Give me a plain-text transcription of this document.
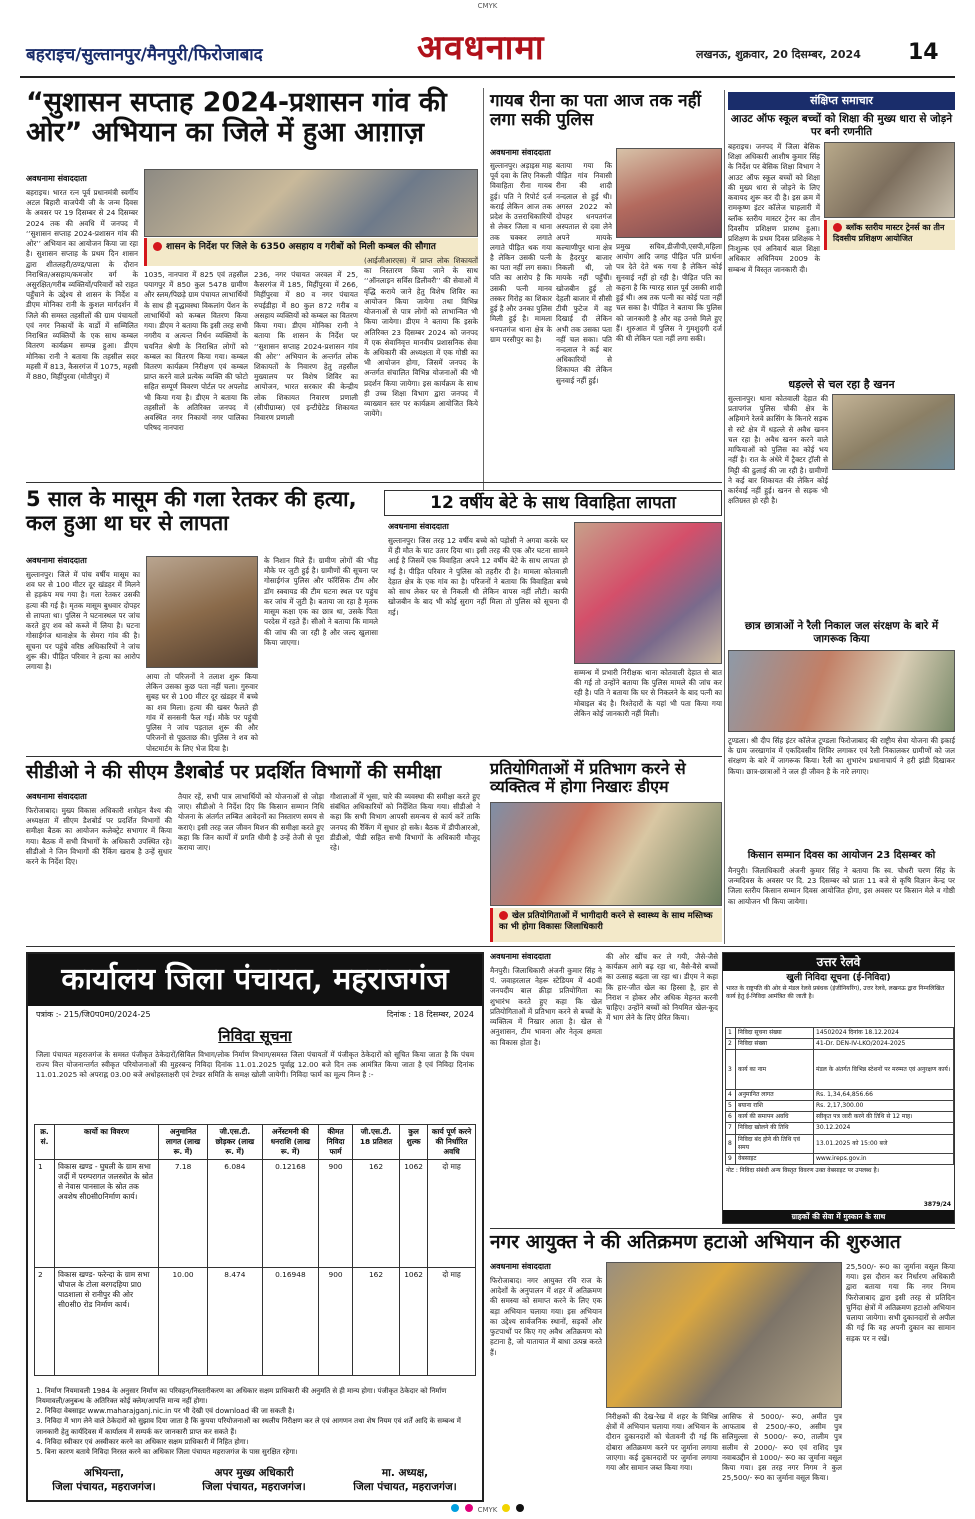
CMYK
बहराइच/सुल्तानपुर/मैनपुरी/फिरोजाबाद	अवधनामा	लखनऊ, शुक्रवार, 20 दिसम्बर, 2024 14
“सुशासन सप्ताह 2024-प्रशासन गांव की ओर” अभियान का जिले में हुआ आग़ाज़
अवधनामा संवाददाता
शासन के निर्देश पर जिले के 6350 असहाय व गरीबों को मिली कम्बल की सौगात
बहराइच। भारत रत्न पूर्व प्रधानमंत्री स्वर्गीय अटल बिहारी वाजपेयी जी के जन्म दिवस के अवसर पर 19 दिसम्बर से 24 दिसम्बर 2024 तक की अवधि में जनपद में ‘‘सुशासन सप्ताह 2024-प्रशासन गांव की ओर’’ अभियान का आयोजन किया जा रहा है। सुशासन सप्ताह के प्रथम दिन शासन द्वारा शीतलहरी/ठण्ड/पाला के दौरान निराश्रित/असहाय/कमजोर वर्ग के असुरक्षित/गरीब व्यक्तियों/परिवारों को राहत पहुँचाने के उद्देश्य से शासन के निर्देश व डीएम मोनिका रानी के कुशल मार्गदर्शन में जिले की समस्त तहसीलों की ग्राम पंचायतों एवं नगर निकायों के वार्डो में सम्मिलित निराश्रित व्यक्तियों के एक साथ कम्बल वितरण कार्यक्रम सम्पन्न हुआ। डीएम मोनिका रानी ने बताया कि तहसील सदर महसी में 813, कैसरगंज में 1075, महसी में 880, मिहींपुरवा (मोतीपुर) में
1035, नानपारा में 825 एवं तहसील पयागपुर में 850 कुल 5478 ग्रामीण और स्लम/पिछड़े ग्राम पंचायत लाभार्थियों के साथ ही वृद्धावस्था विकलांग पेंशन के लाभार्थियों को कम्बल वितरण किया गया। डीएम ने बताया कि इसी तरह सभी नगरीय व अत्यन्त निर्धन व्यक्तियों के चयनित श्रेणी के निराश्रित लोगों को कम्बल का वितरण किया गया। कम्बल वितरण कार्यक्रम निरीक्षण एवं कम्बल प्राप्त करने वाले प्रत्येक व्यक्ति की फोटो सहित सम्पूर्ण विवरण पोर्टल पर अपलोड भी किया गया है। डीएम ने बताया कि तहसीलों के अतिरिक्त जनपद में अवस्थित नगर निकायों नगर पालिका परिषद नानपारा
236, नगर पंचायत जरवल में 25, कैसरगंज में 185, मिहींपुरवा में 266, मिहींपुरवा में 80 व नगर पंचायत रुपईडीहा में 80 कुल 872 गरीब व असहाय व्यक्तियों को कम्बल का वितरण किया गया। डीएम मोनिका रानी ने बताया कि शासन के निर्देश पर ‘‘सुशासन सप्ताह 2024-प्रशासन गांव की ओर’’ अभियान के अन्तर्गत लोक शिकायतों के निवारण हेतु तहसील मुख्यालय पर विशेष शिविर का आयोजन, भारत सरकार की केन्द्रीय लोक शिकायत निवारण प्रणाली (सीपीग्राम्स) एवं इन्टीग्रेटेड शिकायत निवारण प्रणाली
(आईजीआरएस) में प्राप्त लोक शिकायतों का निस्तारण किया जाने के साथ ‘‘ऑनलाइन सर्विस डिलीवरी’’ की सेवाओं में वृद्धि कराये जाने हेतु विशेष शिविर का आयोजन किया जायेगा तथा विभिन्न योजनाओं से पात्र लोगों को लाभान्वित भी किया जायेगा। डीएम ने बताया कि इसके अतिरिक्त 23 दिसम्बर 2024 को जनपद में एक सेवानिवृत्त मानवीय प्रशासनिक सेवा के अधिकारी की अध्यक्षता में एक गोष्ठी का भी आयोजन होगा, जिसमें जनपद के अन्तर्गत संचालित विभिन्न योजनाओं की भी प्रदर्शन किया जायेगा। इस कार्यक्रम के साथ ही उच्च शिक्षा विभाग द्वारा जनपद में व्याख्यान स्तर पर कार्यक्रम आयोजित किये जायेंगे।
गायब रीना का पता आज तक नहीं लगा सकी पुलिस
अवधनामा संवाददाता
सुल्तानपुर। अड़ाइस माह पूर्व दवा के लिए निकली विवाहिता रीना गायब हुई। पति ने रिपोर्ट दर्ज कराई लेकिन आज तक प्रदेश के उत्तराधिकारियों से लेकर जिला व थाना तक चक्कर लगाते लगाते पीड़ित थक गया है लेकिन उसकी पत्नी का पता नहीं लग सका। पति का आरोप है कि उसकी पत्नी मानव तस्कर गिरोह का शिकार हुई है और उनका पुलिस मिली हुई है। मामला धनपतगंज थाना क्षेत्र के ग्राम परसीपुर का है।
बताया गया कि पीड़ित गांव निवासी रीना की शादी नन्दलाल से हुई थी। अगस्त 2022 को दोपहर धनपतगंज अस्पताल से दवा लेने अपने मायके कल्याणीपुर थाना क्षेत्र के हैदरपुर बाजार निकली थी, जो मायके नहीं पहुँची। खोजबीन हुई तो देहली बाजार में सीसी टीवी फुटेज में वह दिखाई दी लेकिन अभी तक उसका पता नहीं चल सका। पति नन्दलाल ने कई बार अधिकारियों से शिकायत की लेकिन सुनवाई नहीं हुई।
प्रमुख सचिव,डीजीपी,एसपी,महिला आयोग आदि जगह पीड़ित पति प्रार्थना पत्र देते देते थक गया है लेकिन कोई सुनवाई नहीं हो रही है। पीड़ित पति का कहना है कि ग्यारह साल पूर्व उसकी शादी हुई थी। अब तक पत्नी का कोई पता नहीं चल सका है। पीड़ित ने बताया कि पुलिस को जानकारी है और वह उनसे मिले हुए हैं। शुरुआत में पुलिस ने गुमशुदगी दर्ज की थी लेकिन पता नहीं लगा सकी।
5 साल के मासूम की गला रेतकर की हत्या, कल हुआ था घर से लापता
अवधनामा संवाददाता
सुल्तानपुर। जिले में पांच वर्षीय मासूम का शव घर से 100 मीटर दूर खंडहर में मिलने से हड़कंप मच गया है। गला रेतकर उसकी हत्या की गई है। मृतक मासूम बुधवार दोपहर से लापता था। पुलिस ने घटनास्थल पर जांच करते हुए शव को कब्जे में लिया है। घटना गोसाईगंज थानाक्षेत्र के सेमरा गांव की है। सूचना पर पहुंचे वरिष्ठ अधिकारियों ने जांच शुरू की। पीड़ित परिवार ने हत्या का आरोप लगाया है।
के निशान मिले हैं। ग्रामीण लोगों की भीड़ मौके पर जुटी हुई है। ग्रामीणों की सूचना पर गोसाईगंज पुलिस और फॉरेंसिक टीम और डॉग स्क्वायड की टीम घटना स्थल पर पहुंच कर जांच में जुटी है। बताया जा रहा है मृतक मासूम कक्षा एक का छात्र था, उसके पिता परदेस में रहते हैं। सीओ ने बताया कि मामले की जांच की जा रही है और जल्द खुलासा किया जाएगा।
आया तो परिजनों ने तलाश शुरू किया लेकिन उसका कुछ पता नहीं चला। गुरुवार सुबह घर से 100 मीटर दूर खंडहर में बच्चे का शव मिला। हत्या की खबर फैलते ही गांव में सनसनी फैल गई। मौके पर पहुंची पुलिस ने जांच पड़ताल शुरू की और परिजनों से पूछताछ की। पुलिस ने शव को पोस्टमार्टम के लिए भेज दिया है।
12 वर्षीय बेटे के साथ विवाहिता लापता
अवधनामा संवाददाता
सुल्तानपुर। जिस तरह 12 वर्षीय बच्चे को पड़ोसी ने अगवा करके घर में ही मौत के घाट उतार दिया था। इसी तरह की एक और घटना सामने आई है जिसमें एक विवाहिता अपने 12 वर्षीय बेटे के साथ लापता हो गई है। पीड़ित परिवार ने पुलिस को तहरीर दी है। मामला कोतवाली देहात क्षेत्र के एक गांव का है। परिजनों ने बताया कि विवाहिता बच्चे को साथ लेकर घर से निकली थी लेकिन वापस नहीं लौटी। काफी खोजबीन के बाद भी कोई सुराग नहीं मिला तो पुलिस को सूचना दी गई।
सम्मन्ध में प्रभारी निरीक्षक थाना कोतवाली देहात से बात की गई तो उन्होंने बताया कि पुलिस मामले की जांच कर रही है। पति ने बताया कि घर से निकलने के बाद पत्नी का मोबाइल बंद है। रिश्तेदारों के यहां भी पता किया गया लेकिन कोई जानकारी नहीं मिली।
सीडीओ ने की सीएम डैशबोर्ड पर प्रदर्शित विभागों की समीक्षा
अवधनामा संवाददाता
फिरोजाबाद। मुख्य विकास अधिकारी शत्रोहन वैश्य की अध्यक्षता में सीएम डैशबोर्ड पर प्रदर्शित विभागों की समीक्षा बैठक का आयोजन कलेक्ट्रेट सभागार में किया गया। बैठक में सभी विभागों के अधिकारी उपस्थित रहे। सीडीओ ने जिन विभागों की रैंकिंग खराब है उन्हें सुधार करने के निर्देश दिए।
तैयार रहें, सभी पात्र लाभार्थियों को योजनाओं से जोड़ा जाए। सीडीओ ने निर्देश दिए कि किसान सम्मान निधि योजना के अंतर्गत लम्बित आवेदनों का निस्तारण समय से कराएं। इसी तरह जल जीवन मिशन की समीक्षा करते हुए कहा कि जिन कार्यों में प्रगति धीमी है उन्हें तेजी से पूरा कराया जाए।
गौशालाओं में भूसा, चारे की व्यवस्था की समीक्षा करते हुए संबंधित अधिकारियों को निर्देशित किया गया। सीडीओ ने कहा कि सभी विभाग आपसी समन्वय से कार्य करें ताकि जनपद की रैंकिंग में सुधार हो सके। बैठक में डीपीआरओ, डीडीओ, पीडी सहित सभी विभागों के अधिकारी मौजूद रहे।
प्रतियोगिताओं में प्रतिभाग करने से व्यक्तित्व में होगा निखारः डीएम
खेल प्रतियोगिताओं में भागीदारी करने से स्वास्थ्य के साथ मस्तिष्क का भी होगा विकासः जिलाधिकारी
संक्षिप्त समाचार
आउट ऑफ स्कूल बच्चों को शिक्षा की मुख्य धारा से जोड़ने पर बनी रणनीति
बहराइच। जनपद में जिला बेसिक शिक्षा अधिकारी आशीष कुमार सिंह के निर्देश पर बेसिक शिक्षा विभाग ने आउट ऑफ स्कूल बच्चों को शिक्षा की मुख्य धारा से जोड़ने के लिए कवायद शुरू कर दी है। इस क्रम में रामकृष्ण इंटर कॉलेज चाहलारी में ब्लॉक स्तरीय मास्टर ट्रेनर का तीन दिवसीय प्रशिक्षण प्रारम्भ हुआ। प्रशिक्षण के प्रथम दिवस प्रशिक्षक ने निःशुल्क एवं अनिवार्य बाल शिक्षा अधिकार अधिनियम 2009 के सम्बन्ध में विस्तृत जानकारी दी।
ब्लॉक स्तरीय मास्टर ट्रेनर्स का तीन दिवसीय प्रशिक्षण आयोजित
धड़ल्ले से चल रहा है खनन
सुल्तानपुर। थाना कोतवाली देहात की प्रतापगंज पुलिस चौकी क्षेत्र के अहिमाने रेलवे क्रासिंग के किनारे सड़क से सटे क्षेत्र में धड़ल्ले से अवैध खनन चल रहा है। अवैध खनन करने वाले माफियाओं को पुलिस का कोई भय नहीं है। रात के अंधेरे में ट्रैक्टर ट्रॉली से मिट्टी की ढुलाई की जा रही है। ग्रामीणों ने कई बार शिकायत की लेकिन कोई कार्रवाई नहीं हुई। खनन से सड़क भी क्षतिग्रस्त हो रही है।
छात्र छात्राओं ने रैली निकाल जल संरक्षण के बारे में जागरूक किया
टूण्डला। श्री दीप सिंह इंटर कॉलेज टूण्डला फिरोजाबाद की राष्ट्रीय सेवा योजना की इकाई के ग्राम जरखागांव में एकदिवसीय शिविर लगाकर एवं रैली निकालकर ग्रामीणों को जल संरक्षण के बारे में जागरूक किया। रैली का शुभारंभ प्रधानाचार्य ने हरी झंडी दिखाकर किया। छात्र-छात्राओं ने जल ही जीवन है के नारे लगाए।
किसान सम्मान दिवस का आयोजन 23 दिसम्बर को
मैनपुरी। जिलाधिकारी अंजनी कुमार सिंह ने बताया कि स्व. चौधरी चरण सिंह के जन्मदिवस के अवसर पर दि. 23 दिसम्बर को प्रातः 11 बजे से कृषि विज्ञान केन्द्र पर जिला स्तरीय किसान सम्मान दिवस आयोजित होगा, इस अवसर पर किसान मेले व गोष्ठी का आयोजन भी किया जायेगा।
कार्यालय जिला पंचायत, महराजगंज
पत्रांक :- 215/जि0प0म0/2024-25	दिनांक : 18 दिसम्बर, 2024
निविदा सूचना
जिला पंचायत महराजगंज के समस्त पंजीकृत ठेकेदारों/सिविल विभाग/लोक निर्माण विभाग/समस्त जिला पंचायतों में पंजीकृत ठेकेदारों को सूचित किया जाता है कि पंचम राज्य वित्त योजनान्तर्गत स्वीकृत परियोजनाओं की मुहरबन्द निविदा दिनांक 11.01.2025 पूर्वाह्न 12.00 बजे दिन तक आमंत्रित किया जाता है एवं निविदा दिनांक 11.01.2025 को अपराह्न 03.00 बजे अधोहस्ताक्षरी एवं टेण्डर समिति के समक्ष खोली जायेगी। निविदा फार्म का मूल्य निम्न है :-
क्र. सं.	कार्यो का विवरण	अनुमानित लागत (लाख रू. में)	जी.एस.टी. छोड़कर (लाख रू. में)	अर्नेस्टमनी की धनराशि (लाख रू. में)	कीमत निविदा फार्म	जी.एस.टी. 18 प्रतिशत	कुल शुल्क	कार्य पूर्ण करने की निर्धारित अवधि
1	विकास खण्ड - घुघली के ग्राम सभा जर्दी में परम्परागत जलस्त्रोत के स्रोत से नेवास पानसाल के स्रोत तक अवशेष सी0सी0निर्माण कार्य।	7.18	6.084	0.12168	900	162	1062	दो माह
2	विकास खण्ड- फरेन्दा के ग्राम सभा चौपाल के टोला बरगदहिया प्रा0 पाठशाला से रानीपुर की ओर सी0सी0 रोड निर्माण कार्य।	10.00	8.474	0.16948	900	162	1062	दो माह
1. निर्माण नियमावली 1984 के अनुसार निर्माण का परिवहन/निस्तारीकरण का अधिकार सक्षम प्राधिकारी की अनुमति से ही मान्य होगा। पंजीकृत ठेकेदार को निर्माण नियमावली/अनुबन्ध के अतिरिक्त कोई क्लेम/आपत्ति मान्य नहीं होगा।
2. निविदा वेबसाइट www.maharajganj.nic.in पर भी देखी एवं download की जा सकती है।
3. निविदा में भाग लेने वाले ठेकेदारों को सुझाव दिया जाता है कि कुपया परियोजनाओं का स्थलीय निरीक्षण कर ले एवं आगणन तथा शेष नियम एवं शर्तें आदि के सम्बन्ध में जानकारी हेतु कार्यदिवस में कार्यालय में सम्पर्क कर जानकारी प्राप्त कर सकते हैं।
4. निविदा स्वीकार एवं अस्वीकार करने का अधिकार सक्षम प्राधिकारी में निहित होगा।
5. बिना कारण बताये निविदा निरस्त करने का अधिकार जिला पंचायत महराजगंज के पास सुरक्षित रहेगा।
अभियन्ता,
जिला पंचायत, महराजगंज।
अपर मुख्य अधिकारी
जिला पंचायत, महराजगंज।
मा. अध्यक्ष,
जिला पंचायत, महराजगंज।
अवधनामा संवाददाता
मैनपुरी। जिलाधिकारी अंजनी कुमार सिंह ने पं. जवाहरलाल नेहरू स्टेडियम में 40वीं जनपदीय बाल क्रीड़ा प्रतियोगिता का शुभारंभ करते हुए कहा कि खेल प्रतियोगिताओं में प्रतिभाग करने से बच्चों के व्यक्तित्व में निखार आता है। खेल से अनुशासन, टीम भावना और नेतृत्व क्षमता का विकास होता है।
की ओर खींच कर ले गयी, जैसे-जैसे कार्यक्रम आगे बढ़ रहा था, वैसे-वैसे बच्चों का उत्साह बढ़ता जा रहा था। डीएम ने कहा कि हार-जीत खेल का हिस्सा है, हार से निराश न होकर और अधिक मेहनत करनी चाहिए। उन्होंने बच्चों को नियमित खेल-कूद में भाग लेने के लिए प्रेरित किया।
उत्तर रेलवे
खुली निविदा सूचना (ई-निविदा)
भारत के राष्ट्रपति की ओर से मंडल रेलवे प्रबंधक (इंजीनियरिंग), उत्तर रेलवे, लखनऊ द्वारा निम्नलिखित कार्य हेतु ई-निविदा आमंत्रित की जाती है।
1	निविदा सूचना संख्या	14502024 दिनांक 18.12.2024
2	निविदा संख्या	41-Dr. DEN-IV-LKO/2024-2025
3	कार्य का नाम	मंडल के अंतर्गत विभिन्न स्टेशनों पर मरम्मत एवं अनुरक्षण कार्य।
4	अनुमानित लागत	Rs. 1,34,64,856.66
5	बयाना राशि	Rs. 2,17,300.00
6	कार्य की समापन अवधि	स्वीकृत पत्र जारी करने की तिथि से 12 माह।
7	निविदा खोलने की तिथि	30.12.2024
8	निविदा बंद होने की तिथि एवं समय	13.01.2025 को 15:00 बजे
9	वेबसाइट	www.ireps.gov.in
नोट : निविदा संबंधी अन्य विस्तृत विवरण उक्त वेबसाइट पर उपलब्ध है।
3879/24
ग्राहकों की सेवा में मुस्कान के साथ
नगर आयुक्त ने की अतिक्रमण हटाओ अभियान की शुरुआत
अवधनामा संवाददाता
फिरोजाबाद। नगर आयुक्त रवि राज के आदेशों के अनुपालन में शहर में अतिक्रमण की समस्या को समाप्त करने के लिए एक बड़ा अभियान चलाया गया। इस अभियान का उद्देश्य सार्वजनिक स्थानों, सड़कों और फुटपाथों पर किए गए अवैध अतिक्रमण को हटाना है, जो यातायात में बाधा उत्पन्न करते हैं।
निरीक्षकों की देख-रेख में शहर के विभिन्न क्षेत्रों में अभियान चलाया गया। अभियान के दौरान दुकानदारों को चेतावनी दी गई कि दोबारा अतिक्रमण करने पर जुर्माना लगाया जाएगा। कई दुकानदारों पर जुर्माना लगाया गया और सामान जब्त किया गया।
आसिफ से 5000/- रू0, अमीत पुत्र आफताब से 2500/-रू0, असीम पुत्र सलिमुल्ला से 5000/- रू0, तालीम पुत्र सलीम से 2000/- रू0 एवं राशिद पुत्र नवाबउद्दीन से 1000/- रू0 का जुर्माना वसूल किया गया। इस तरह नगर निगम ने कुल 25,500/- रू0 का जुर्माना वसूल किया।
25,500/- रू0 का जुर्माना वसूल किया गया। इस दौरान कर निर्धारण अधिकारी द्वारा बताया गया कि नगर निगम फिरोजाबाद द्वारा इसी तरह से प्रतिदिन चुनिंदा क्षेत्रों में अतिक्रमण हटाओ अभियान चलाया जायेगा। सभी दुकानदारों से अपील की गई कि वह अपनी दुकान का सामान सड़क पर न रखें।
CMYK
